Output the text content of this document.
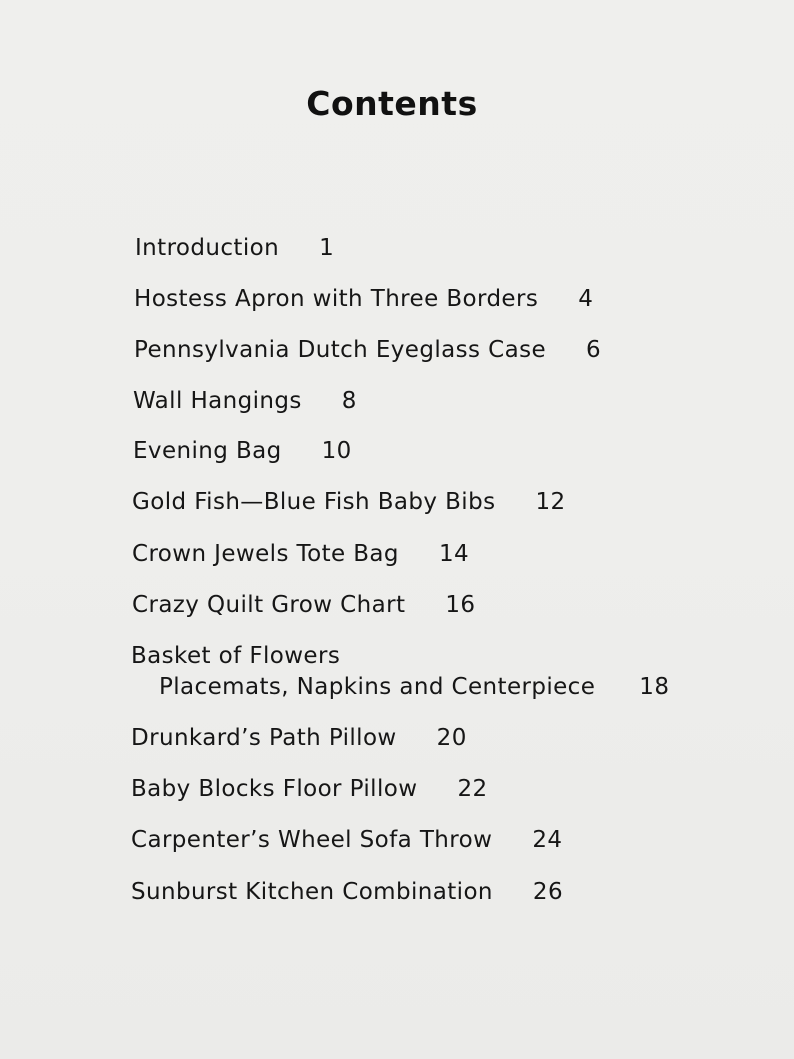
Contents
Introduction 1
Hostess Apron with Three Borders 4
Pennsylvania Dutch Eyeglass Case 6
Wall Hangings 8
Evening Bag 10
Gold Fish—Blue Fish Baby Bibs 12
Crown Jewels Tote Bag 14
Crazy Quilt Grow Chart 16
Basket of Flowers
Placemats, Napkins and Centerpiece 18
Drunkard’s Path Pillow 20
Baby Blocks Floor Pillow 22
Carpenter’s Wheel Sofa Throw 24
Sunburst Kitchen Combination 26
